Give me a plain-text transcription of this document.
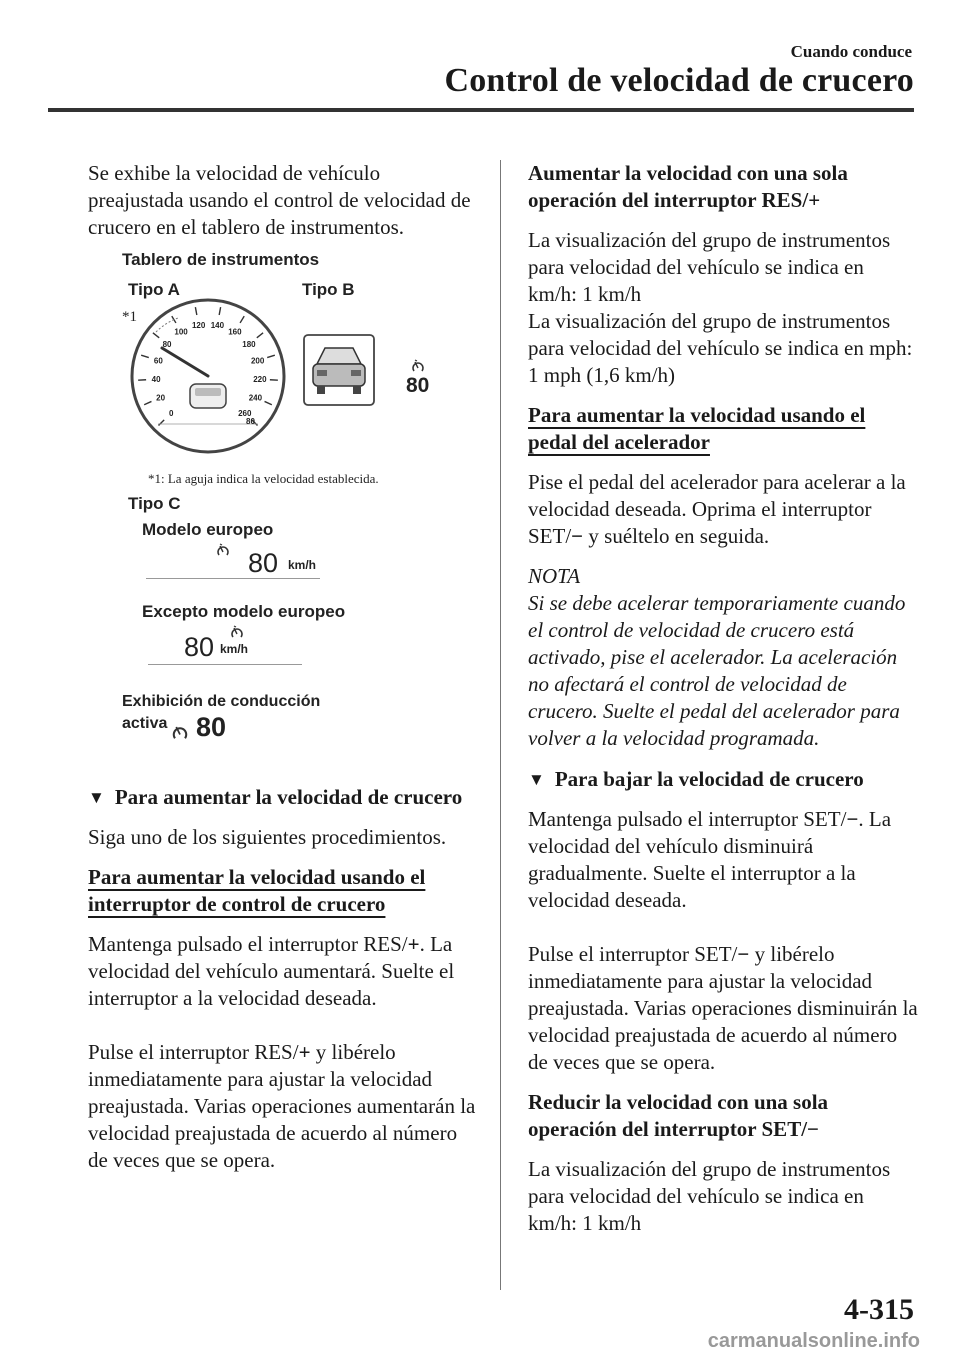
Cuando conduce
Control de velocidad de crucero

Se exhibe la velocidad de vehículo preajustada usando el control de velocidad de crucero en el tablero de instrumentos.

Tablero de instrumentos
Tipo A	Tipo B
*1
0
20
40
60
80
100
120 140
160
180
200
220
240
260
80
80
*1: La aguja indica la velocidad establecida.
Tipo C
Modelo europeo
80 km/h
Excepto modelo europeo
80 km/h
Exhibición de conducción
activa 80
▼ Para aumentar la velocidad de crucero

Siga uno de los siguientes procedimientos.

Para aumentar la velocidad usando el interruptor de control de crucero

Mantenga pulsado el interruptor RES/+. La velocidad del vehículo aumentará. Suelte el interruptor a la velocidad deseada.

Pulse el interruptor RES/+ y libérelo inmediatamente para ajustar la velocidad preajustada. Varias operaciones aumentarán la velocidad preajustada de acuerdo al número de veces que se opera.

Aumentar la velocidad con una sola operación del interruptor RES/+

La visualización del grupo de instrumentos para velocidad del vehículo se indica en km/h: 1 km/h

La visualización del grupo de instrumentos para velocidad del vehículo se indica en mph: 1 mph (1,6 km/h)

Para aumentar la velocidad usando el pedal del acelerador

Pise el pedal del acelerador para acelerar a la velocidad deseada. Oprima el interruptor SET/− y suéltelo en seguida.

NOTA

Si se debe acelerar temporariamente cuando el control de velocidad de crucero está activado, pise el acelerador. La aceleración no afectará el control de velocidad de crucero. Suelte el pedal del acelerador para volver a la velocidad programada.

▼ Para bajar la velocidad de crucero

Mantenga pulsado el interruptor SET/−. La velocidad del vehículo disminuirá gradualmente. Suelte el interruptor a la velocidad deseada.

Pulse el interruptor SET/− y libérelo inmediatamente para ajustar la velocidad preajustada. Varias operaciones disminuirán la velocidad preajustada de acuerdo al número de veces que se opera.

Reducir la velocidad con una sola operación del interruptor SET/−

La visualización del grupo de instrumentos para velocidad del vehículo se indica en km/h: 1 km/h

4-315
carmanualsonline.info
